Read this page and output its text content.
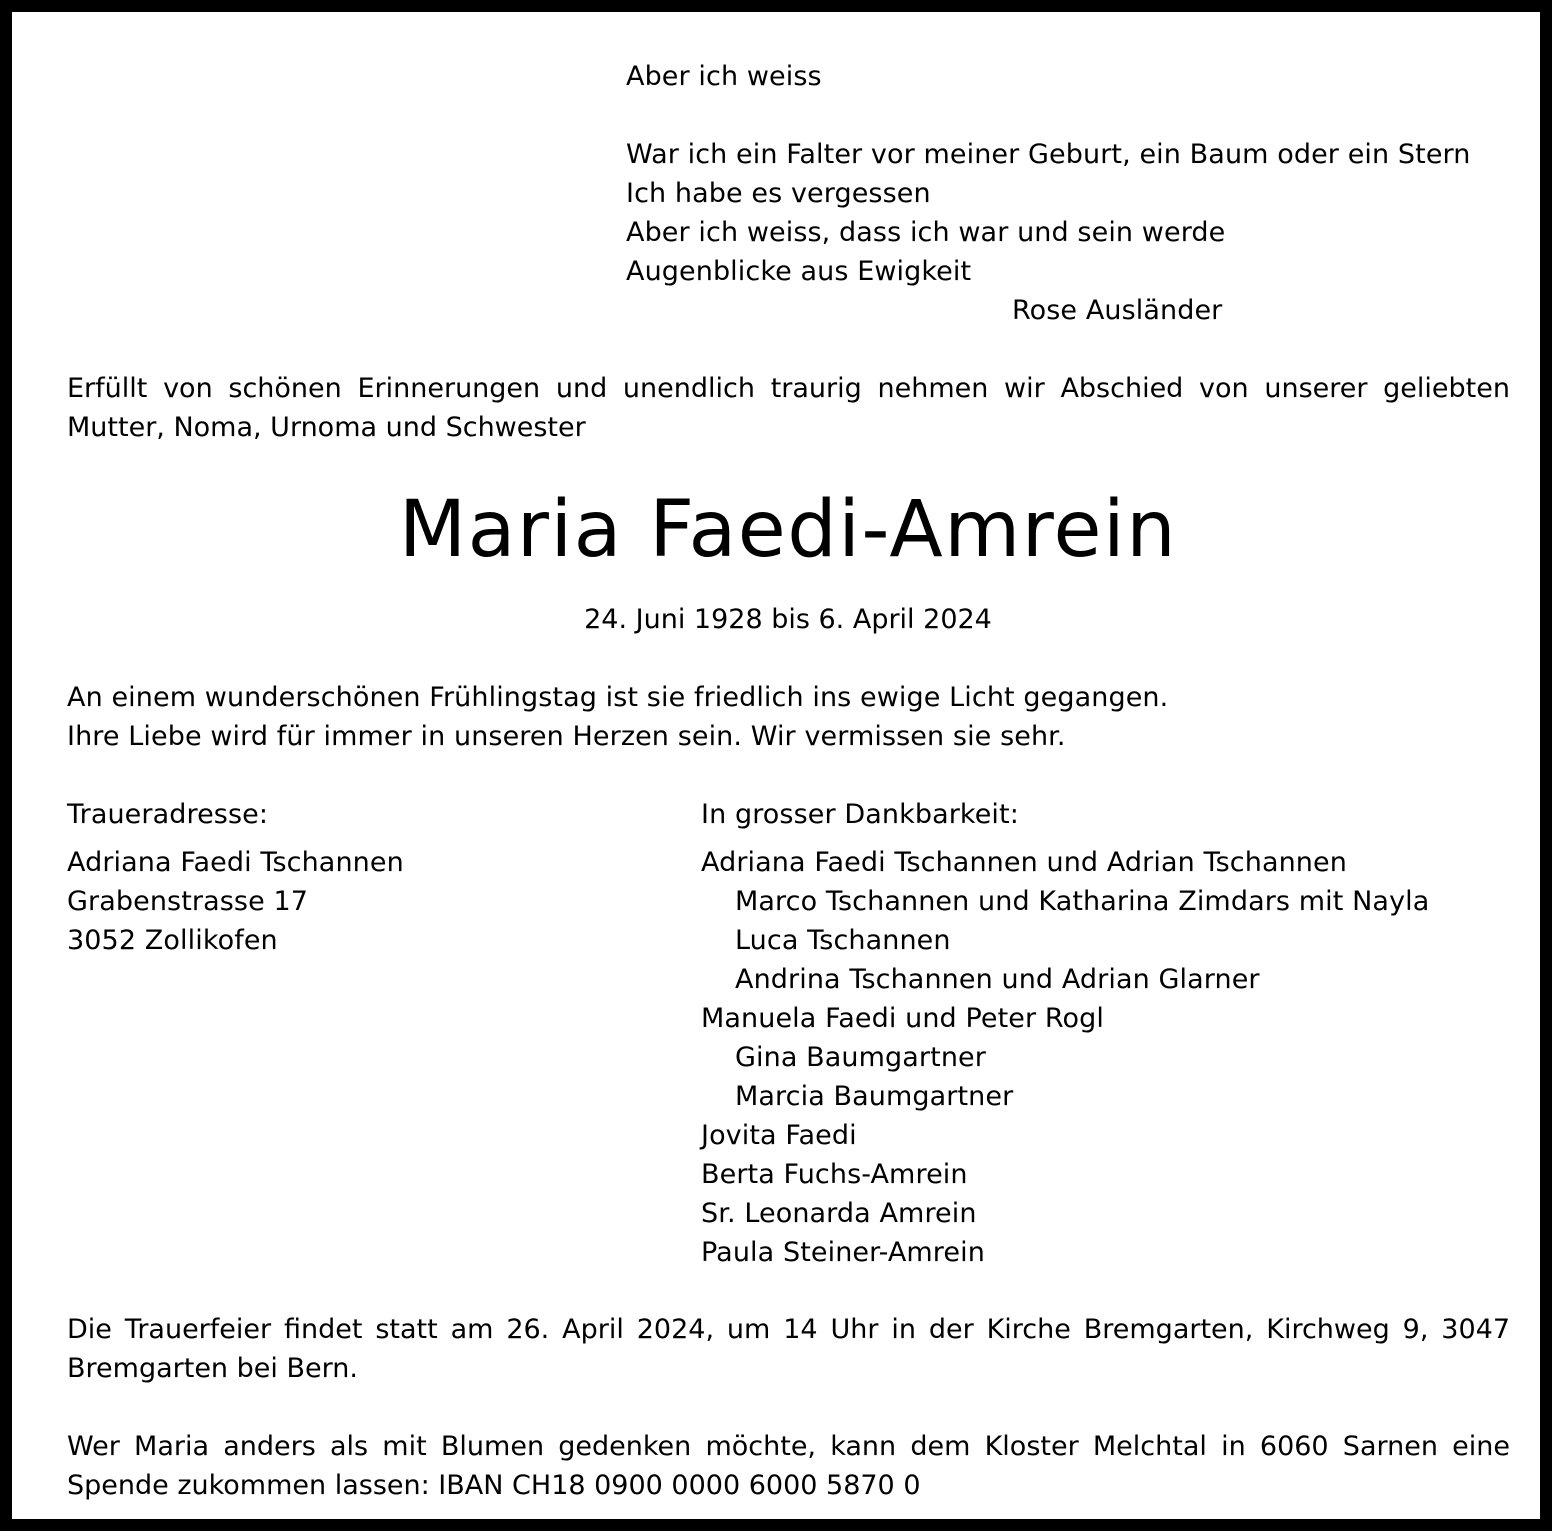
Aber ich weiss
War ich ein Falter vor meiner Geburt, ein Baum oder ein Stern
Ich habe es vergessen
Aber ich weiss, dass ich war und sein werde
Augenblicke aus Ewigkeit
Rose Ausländer
Erfüllt von schönen Erinnerungen und unendlich traurig nehmen wir Abschied von unserer geliebten Mutter, Noma, Urnoma und Schwester
Maria Faedi-Amrein
24. Juni 1928 bis 6. April 2024
An einem wunderschönen Frühlingstag ist sie friedlich ins ewige Licht gegangen.
Ihre Liebe wird für immer in unseren Herzen sein. Wir vermissen sie sehr.
Traueradresse:
Adriana Faedi Tschannen
Grabenstrasse 17
3052 Zollikofen
In grosser Dankbarkeit:
Adriana Faedi Tschannen und Adrian Tschannen
Marco Tschannen und Katharina Zimdars mit Nayla
Luca Tschannen
Andrina Tschannen und Adrian Glarner
Manuela Faedi und Peter Rogl
Gina Baumgartner
Marcia Baumgartner
Jovita Faedi
Berta Fuchs-Amrein
Sr. Leonarda Amrein
Paula Steiner-Amrein
Die Trauerfeier findet statt am 26. April 2024, um 14 Uhr in der Kirche Bremgarten, Kirchweg 9, 3047 Bremgarten bei Bern.
Wer Maria anders als mit Blumen gedenken möchte, kann dem Kloster Melchtal in 6060 Sarnen eine Spende zukommen lassen: IBAN CH18 0900 0000 6000 5870 0
